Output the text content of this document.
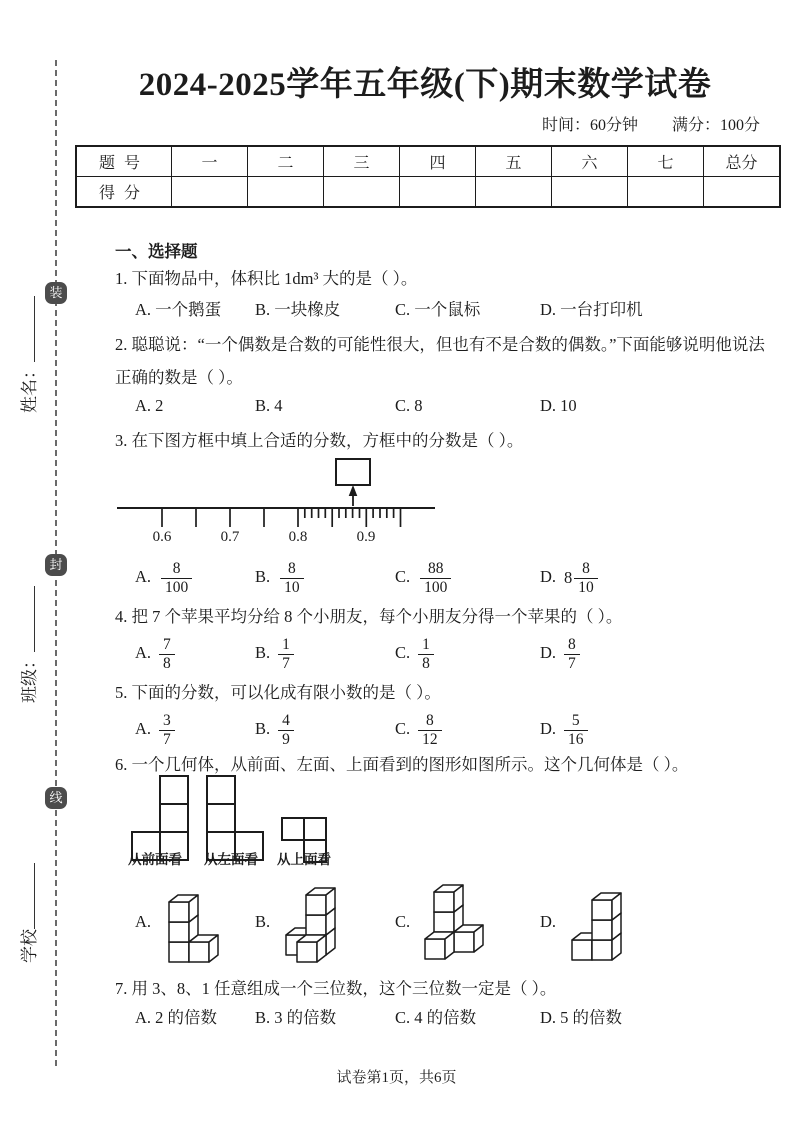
装
封
线
姓名：
班级：
学校
2024-2025学年五年级(下)期末数学试卷
时间：60分钟 满分：100分
题号	一	二	三	四	五	六	七	总分
得分								
一、选择题
1. 下面物品中，体积比 1dm³ 大的是（ ）。
A. 一个鹅蛋	B. 一块橡皮	C. 一个鼠标	D. 一台打印机
2. 聪聪说：“一个偶数是合数的可能性很大，但也有不是合数的偶数。”下面能够说明他说法正确的数是（ ）。
A. 2	B. 4	C. 8	D. 10
3. 在下图方框中填上合适的分数，方框中的分数是（ ）。
0.6	0.7	0.8	0.9
A. $\frac{8}{100}$	B. $\frac{8}{10}$	C. $\frac{88}{100}$	D. $8 \frac{8}{10}$
4. 把 7 个苹果平均分给 8 个小朋友，每个小朋友分得一个苹果的（ ）。
A. $\frac{7}{8}$	B. $\frac{1}{7}$	C. $\frac{1}{8}$	D. $\frac{8}{7}$
5. 下面的分数，可以化成有限小数的是（ ）。
A. $\frac{3}{7}$	B. $\frac{4}{9}$	C. $\frac{8}{12}$	D. $\frac{5}{16}$
6. 一个几何体，从前面、左面、上面看到的图形如图所示。这个几何体是（ ）。
从前面看 从左面看 从上面看
A.	B.	C.	D.
7. 用 3、8、1 任意组成一个三位数，这个三位数一定是（ ）。
A. 2 的倍数	B. 3 的倍数	C. 4 的倍数	D. 5 的倍数
试卷第1页，共6页
